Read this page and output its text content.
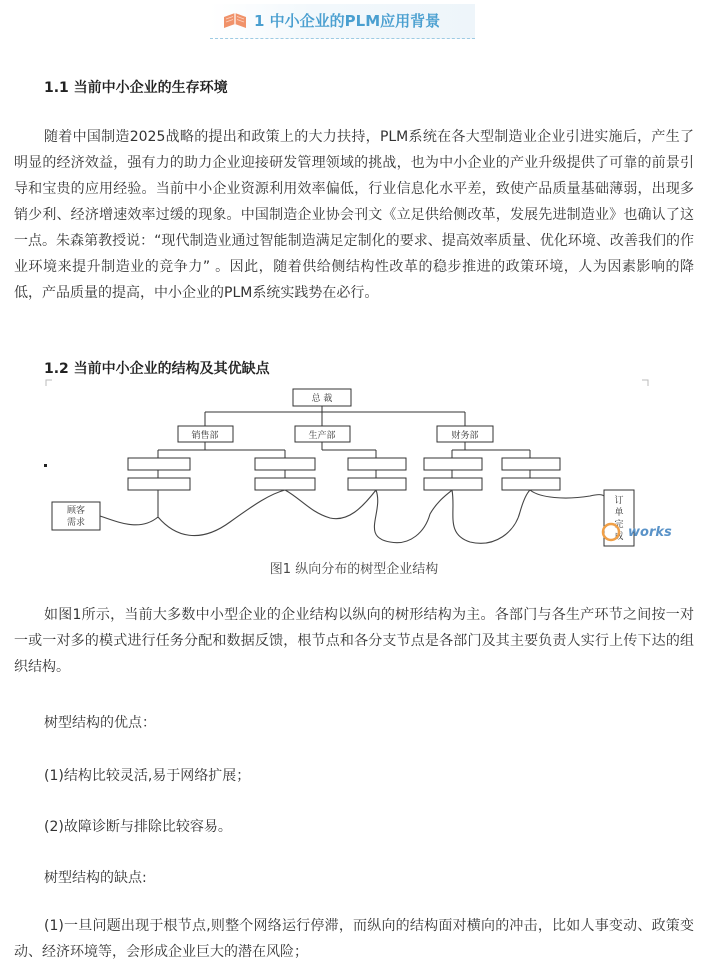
1 中小企业的PLM应用背景
1.1 当前中小企业的生存环境

随着中国制造2025战略的提出和政策上的大力扶持，PLM系统在各大型制造业企业引进实施后，产生了明显的经济效益，强有力的助力企业迎接研发管理领域的挑战，也为中小企业的产业升级提供了可靠的前景引导和宝贵的应用经验。当前中小企业资源利用效率偏低，行业信息化水平差，致使产品质量基础薄弱，出现多销少利、经济增速效率过缓的现象。中国制造企业协会刊文《立足供给侧改革，发展先进制造业》也确认了这一点。朱森第教授说：“现代制造业通过智能制造满足定制化的要求、提高效率质量、优化环境、改善我们的作业环境来提升制造业的竞争力” 。因此，随着供给侧结构性改革的稳步推进的政策环境，人为因素影响的降低，产品质量的提高，中小企业的PLM系统实践势在必行。

1.2 当前中小企业的结构及其优缺点
总 裁
销售部	生产部	财务部
顾客
需求
订
单
完
成 works
图1 纵向分布的树型企业结构

如图1所示，当前大多数中小型企业的企业结构以纵向的树形结构为主。各部门与各生产环节之间按一对一或一对多的模式进行任务分配和数据反馈，根节点和各分支节点是各部门及其主要负责人实行上传下达的组织结构。

树型结构的优点：
(1)结构比较灵活,易于网络扩展；
(2)故障诊断与排除比较容易。
树型结构的缺点:

(1)一旦问题出现于根节点,则整个网络运行停滞，而纵向的结构面对横向的冲击，比如人事变动、政策变动、经济环境等，会形成企业巨大的潜在风险；
